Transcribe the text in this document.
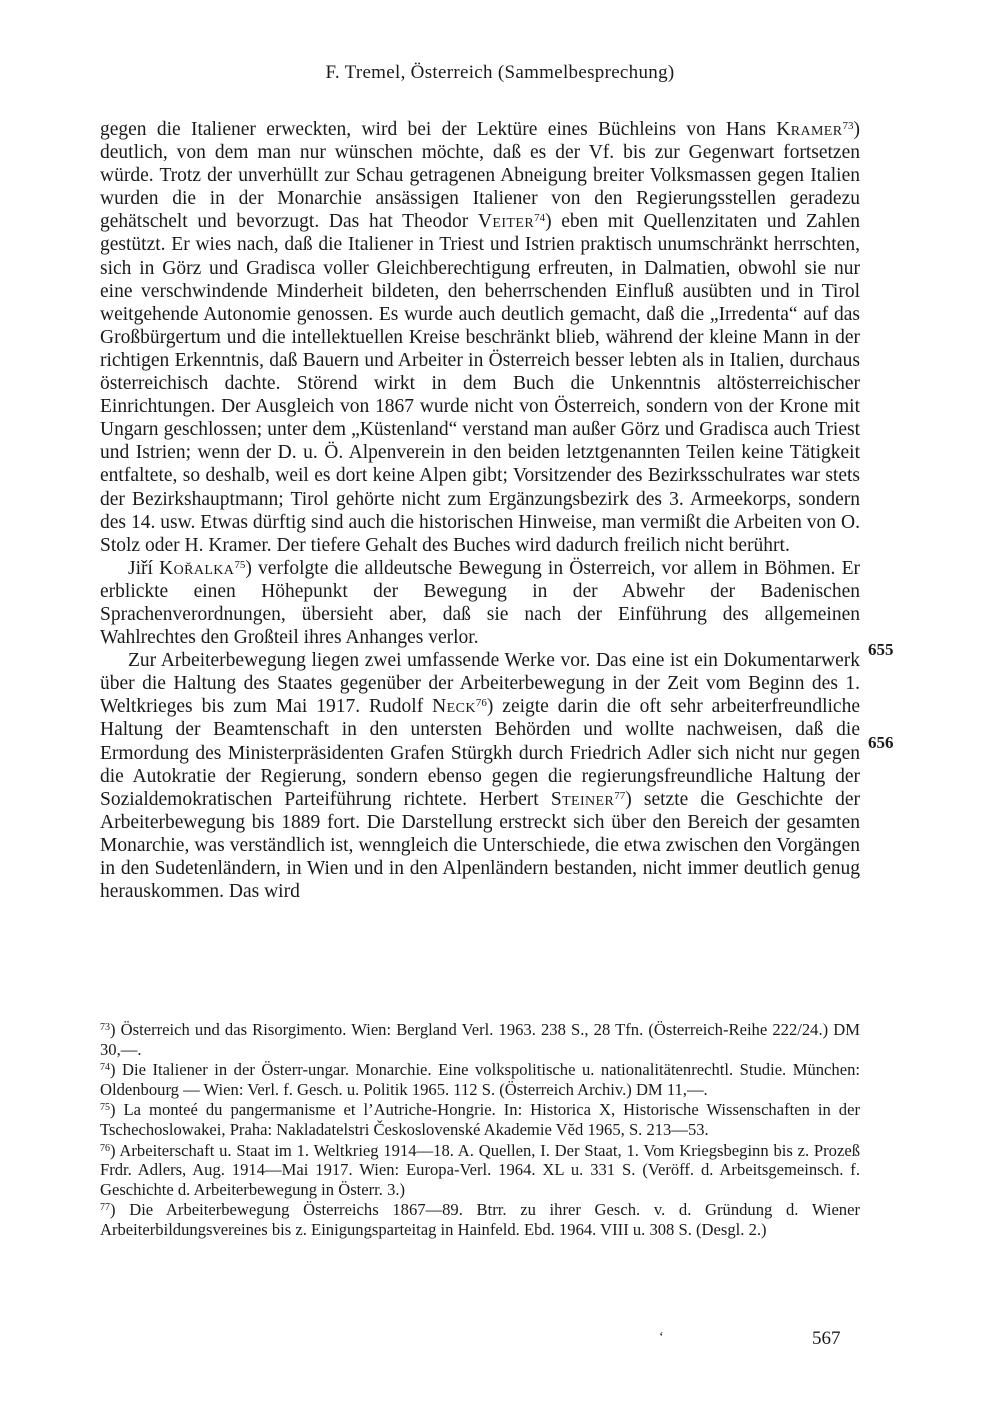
F. Tremel, Österreich (Sammelbesprechung)

gegen die Italiener erweckten, wird bei der Lektüre eines Büchleins von Hans Kramer$^{73}$) deutlich, von dem man nur wünschen möchte, daß es der Vf. bis zur Gegenwart fortsetzen würde. Trotz der unverhüllt zur Schau getragenen Abneigung breiter Volksmassen gegen Italien wurden die in der Monarchie ansässigen Italiener von den Regierungsstellen geradezu gehätschelt und bevorzugt. Das hat Theodor Veiter$^{74}$) eben mit Quellenzitaten und Zahlen gestützt. Er wies nach, daß die Italiener in Triest und Istrien praktisch unumschränkt herrschten, sich in Görz und Gradisca voller Gleichberechtigung erfreuten, in Dalmatien, obwohl sie nur eine verschwindende Minderheit bildeten, den beherrschenden Einfluß ausübten und in Tirol weitgehende Autonomie genossen. Es wurde auch deutlich gemacht, daß die „Irredenta“ auf das Großbürgertum und die intellektuellen Kreise beschränkt blieb, während der kleine Mann in der richtigen Erkenntnis, daß Bauern und Arbeiter in Österreich besser lebten als in Italien, durchaus österreichisch dachte. Störend wirkt in dem Buch die Unkenntnis altösterreichischer Einrichtungen. Der Ausgleich von 1867 wurde nicht von Österreich, sondern von der Krone mit Ungarn geschlossen; unter dem „Küstenland“ verstand man außer Görz und Gradisca auch Triest und Istrien; wenn der D. u. Ö. Alpenverein in den beiden letztgenannten Teilen keine Tätigkeit entfaltete, so deshalb, weil es dort keine Alpen gibt; Vorsitzender des Bezirksschulrates war stets der Bezirkshauptmann; Tirol gehörte nicht zum Ergänzungsbezirk des 3. Armeekorps, sondern des 14. usw. Etwas dürftig sind auch die historischen Hinweise, man vermißt die Arbeiten von O. Stolz oder H. Kramer. Der tiefere Gehalt des Buches wird dadurch freilich nicht berührt.

Jiří Kořalka$^{75}$) verfolgte die alldeutsche Bewegung in Österreich, vor allem in Böhmen. Er erblickte einen Höhepunkt der Bewegung in der Abwehr der Badenischen Sprachenverordnungen, übersieht aber, daß sie nach der Einführung des allgemeinen Wahlrechtes den Großteil ihres Anhanges verlor.

Zur Arbeiterbewegung liegen zwei umfassende Werke vor. Das eine ist ein Dokumentarwerk über die Haltung des Staates gegenüber der Arbeiterbewegung in der Zeit vom Beginn des 1. Weltkrieges bis zum Mai 1917. Rudolf Neck$^{76}$) zeigte darin die oft sehr arbeiterfreundliche Haltung der Beamtenschaft in den untersten Behörden und wollte nachweisen, daß die Ermordung des Ministerpräsidenten Grafen Stürgkh durch Friedrich Adler sich nicht nur gegen die Autokratie der Regierung, sondern ebenso gegen die regierungsfreundliche Haltung der Sozialdemokratischen Parteiführung richtete. Herbert Steiner$^{77}$) setzte die Geschichte der Arbeiterbewegung bis 1889 fort. Die Darstellung erstreckt sich über den Bereich der gesamten Monarchie, was verständlich ist, wenngleich die Unterschiede, die etwa zwischen den Vorgängen in den Sudetenländern, in Wien und in den Alpenländern bestanden, nicht immer deutlich genug herauskommen. Das wird

655
656

$^{73}$) Österreich und das Risorgimento. Wien: Bergland Verl. 1963. 238 S., 28 Tfn. (Österreich-Reihe 222/24.) DM 30,—.

$^{74}$) Die Italiener in der Österr-ungar. Monarchie. Eine volkspolitische u. nationalitätenrechtl. Studie. München: Oldenbourg — Wien: Verl. f. Gesch. u. Politik 1965. 112 S. (Österreich Archiv.) DM 11,—.

$^{75}$) La monteé du pangermanisme et l’Autriche-Hongrie. In: Historica X, Historische Wissenschaften in der Tschechoslowakei, Praha: Nakladatelstri Československé Akademie Vĕd 1965, S. 213—53.

$^{76}$) Arbeiterschaft u. Staat im 1. Weltkrieg 1914—18. A. Quellen, I. Der Staat, 1. Vom Kriegsbeginn bis z. Prozeß Frdr. Adlers, Aug. 1914—Mai 1917. Wien: Europa-Verl. 1964. XL u. 331 S. (Veröff. d. Arbeitsgemeinsch. f. Geschichte d. Arbeiterbewegung in Österr. 3.)

$^{77}$) Die Arbeiterbewegung Österreichs 1867—89. Btrr. zu ihrer Gesch. v. d. Gründung d. Wiener Arbeiterbildungsvereines bis z. Einigungsparteitag in Hainfeld. Ebd. 1964. VIII u. 308 S. (Desgl. 2.)

ʻ	567
